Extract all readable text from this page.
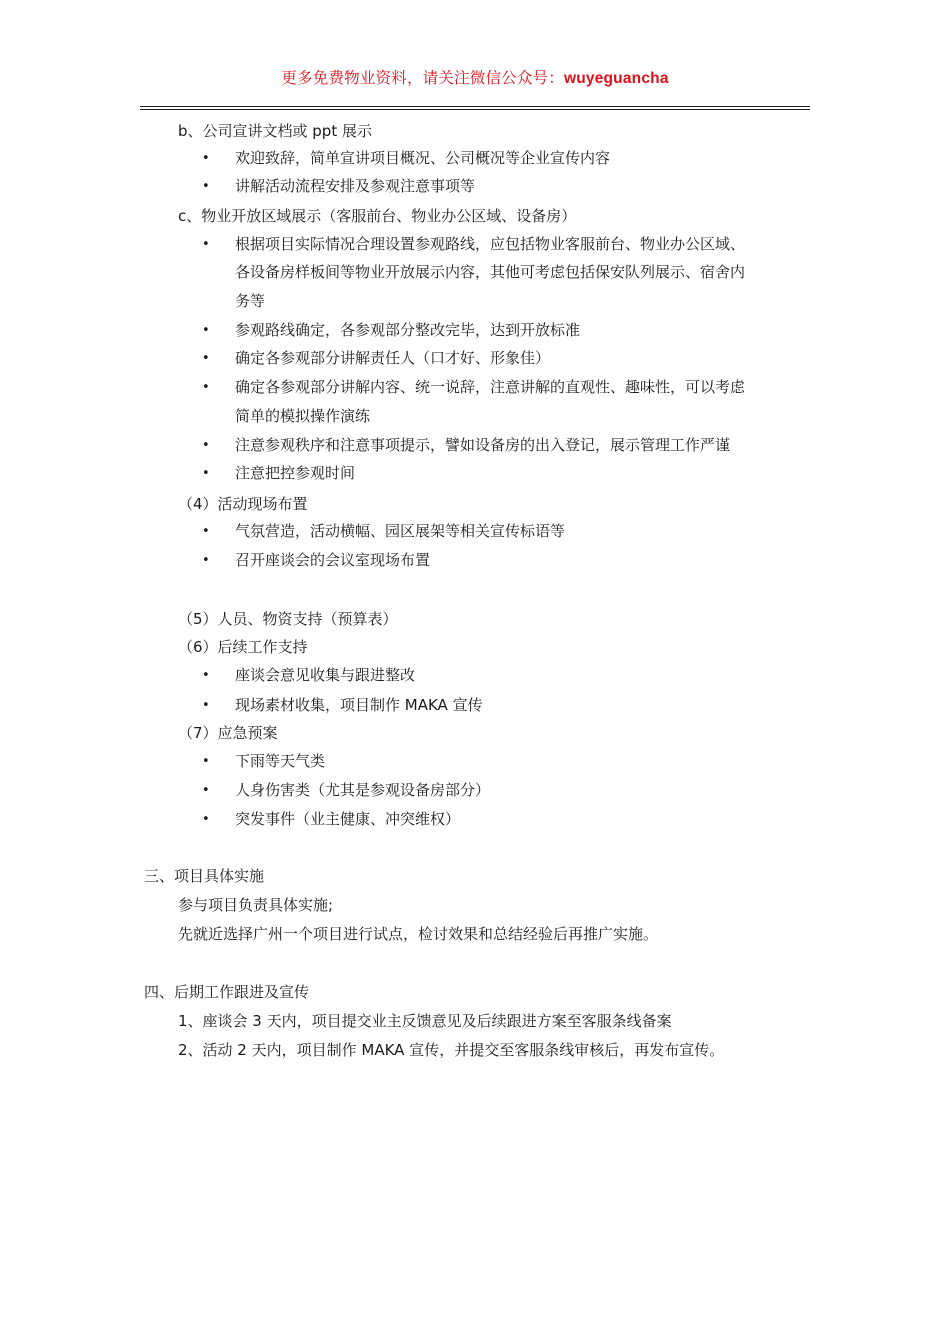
更多免费物业资料，请关注微信公众号：wuyeguancha
b、公司宣讲文档或 ppt 展示
• 欢迎致辞，简单宣讲项目概况、公司概况等企业宣传内容
• 讲解活动流程安排及参观注意事项等
c、物业开放区域展示（客服前台、物业办公区域、设备房）
• 根据项目实际情况合理设置参观路线，应包括物业客服前台、物业办公区域、
各设备房样板间等物业开放展示内容，其他可考虑包括保安队列展示、宿舍内
务等
• 参观路线确定，各参观部分整改完毕，达到开放标准
• 确定各参观部分讲解责任人（口才好、形象佳）
• 确定各参观部分讲解内容、统一说辞，注意讲解的直观性、趣味性，可以考虑
简单的模拟操作演练
• 注意参观秩序和注意事项提示，譬如设备房的出入登记，展示管理工作严谨
• 注意把控参观时间
（4）活动现场布置
• 气氛营造，活动横幅、园区展架等相关宣传标语等
• 召开座谈会的会议室现场布置
（5）人员、物资支持（预算表）
（6）后续工作支持
• 座谈会意见收集与跟进整改
• 现场素材收集，项目制作 MAKA 宣传
（7）应急预案
• 下雨等天气类
• 人身伤害类（尤其是参观设备房部分）
• 突发事件（业主健康、冲突维权）
三、项目具体实施
参与项目负责具体实施;
先就近选择广州一个项目进行试点，检讨效果和总结经验后再推广实施。
四、后期工作跟进及宣传
1、座谈会 3 天内，项目提交业主反馈意见及后续跟进方案至客服条线备案
2、活动 2 天内，项目制作 MAKA 宣传，并提交至客服条线审核后，再发布宣传。
